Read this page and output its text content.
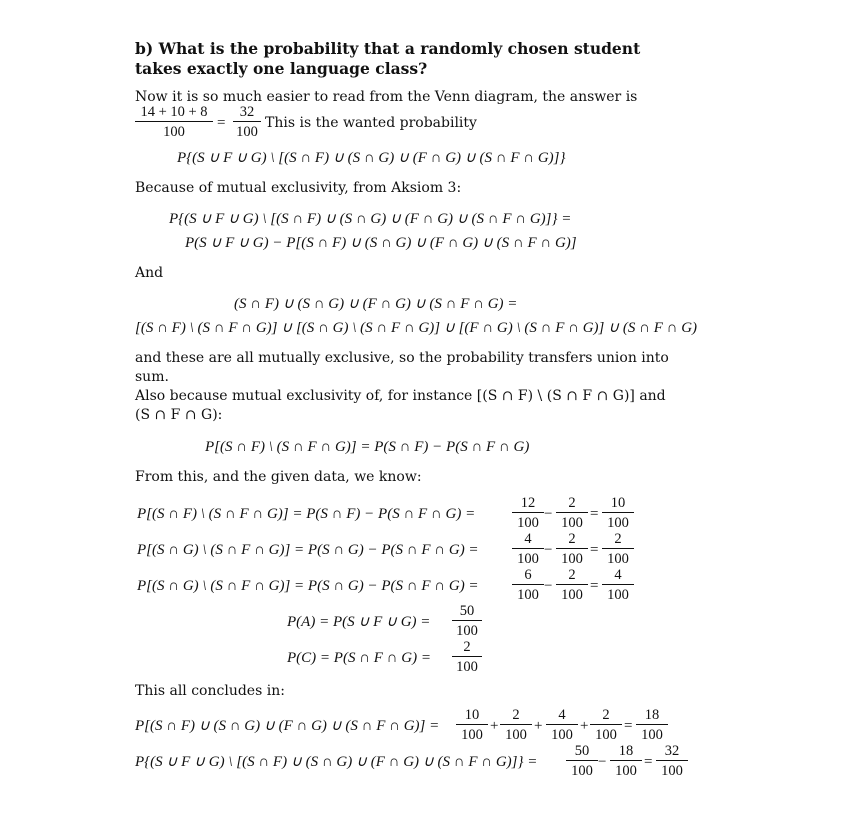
b) What is the probability that a randomly chosen student
takes exactly one language class?
Now it is so much easier to read from the Venn diagram, the answer is
$\frac{14 + 10 + 8}{100} = \frac{32}{100}$ This is the wanted probability
P{(S ∪ F ∪ G) \ [(S ∩ F) ∪ (S ∩ G) ∪ (F ∩ G) ∪ (S ∩ F ∩ G)]}
Because of mutual exclusivity, from Aksiom 3:
P{(S ∪ F ∪ G) \ [(S ∩ F) ∪ (S ∩ G) ∪ (F ∩ G) ∪ (S ∩ F ∩ G)]} =
P(S ∪ F ∪ G) − P[(S ∩ F) ∪ (S ∩ G) ∪ (F ∩ G) ∪ (S ∩ F ∩ G)]
And
(S ∩ F) ∪ (S ∩ G) ∪ (F ∩ G) ∪ (S ∩ F ∩ G) =
[(S ∩ F) \ (S ∩ F ∩ G)] ∪ [(S ∩ G) \ (S ∩ F ∩ G)] ∪ [(F ∩ G) \ (S ∩ F ∩ G)] ∪ (S ∩ F ∩ G)
and these are all mutually exclusive, so the probability transfers union into
sum.
Also because mutual exclusivity of, for instance [(S ∩ F) \ (S ∩ F ∩ G)] and
(S ∩ F ∩ G):
P[(S ∩ F) \ (S ∩ F ∩ G)] = P(S ∩ F) − P(S ∩ F ∩ G)
From this, and the given data, we know:
P[(S ∩ F) \ (S ∩ F ∩ G)] = P(S ∩ F) − P(S ∩ F ∩ G) =	$\frac{12}{100} - \frac{2}{100} = \frac{10}{100}$
P[(S ∩ G) \ (S ∩ F ∩ G)] = P(S ∩ G) − P(S ∩ F ∩ $G) = \frac{4}{100} - \frac{2}{100} = \frac{2}{100}$
P[(S ∩ G) \ (S ∩ F ∩ G)] = P(S ∩ G) − P(S ∩ F ∩ $G) = \frac{6}{100} - \frac{2}{100} = \frac{4}{100}$
P(A) = P(S ∪ F ∪ $G) = \frac{50}{100}$
P(C) = P(S ∩ F ∩ $G) = \frac{2}{100}$
This all concludes in:
P[(S ∩ F) ∪ (S ∩ G) ∪ (F ∩ G) ∪ (S ∩ F ∩ $G)] = \frac{10}{100} + \frac{2}{100} + \frac{4}{100} + \frac{2}{100} = \frac{18}{100}$
P{(S ∪ F ∪ G) \ [(S ∩ F) ∪ (S ∩ G) ∪ (F ∩ G) ∪ (S ∩ F ∩ $G)]\} = \frac{50}{100} - \frac{18}{100} = \frac{32}{100}$
